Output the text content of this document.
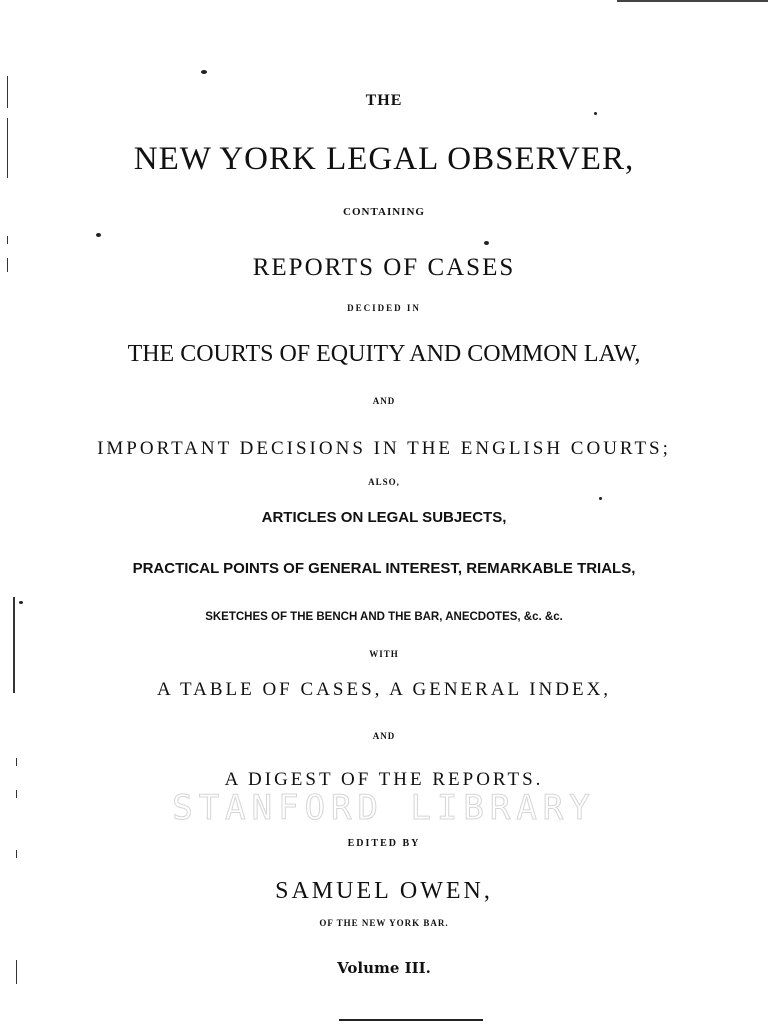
THE
NEW YORK LEGAL OBSERVER,
CONTAINING
REPORTS OF CASES
DECIDED IN
THE COURTS OF EQUITY AND COMMON LAW,
AND
IMPORTANT DECISIONS IN THE ENGLISH COURTS;
ALSO,
ARTICLES ON LEGAL SUBJECTS,
PRACTICAL POINTS OF GENERAL INTEREST, REMARKABLE TRIALS,
SKETCHES OF THE BENCH AND THE BAR, ANECDOTES, &c. &c.
WITH
A TABLE OF CASES, A GENERAL INDEX,
AND
STANFORD LIBRARY
A DIGEST OF THE REPORTS.
EDITED BY
SAMUEL OWEN,
OF THE NEW YORK BAR.
Volume III.
